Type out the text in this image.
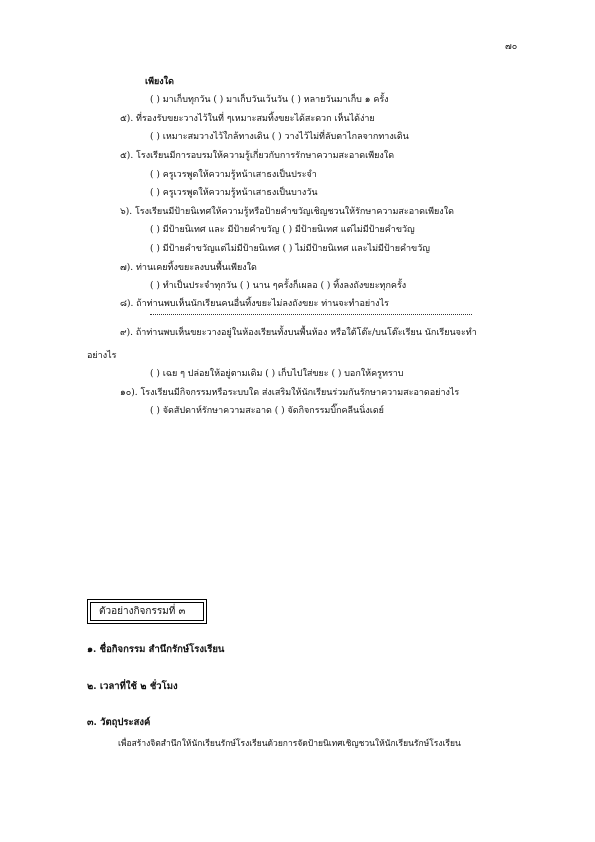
๗๐
เพียงใด
( ) มาเก็บทุกวัน ( ) มาเก็บวันเว้นวัน ( ) หลายวันมาเก็บ ๑ ครั้ง
๕). ที่รองรับขยะวางไว้ในที่ ๆเหมาะสมทิ้งขยะได้สะดวก เห็นได้ง่าย
( ) เหมาะสมวางไว้ใกล้ทางเดิน ( ) วางไว้ไม่ที่ลับตาไกลจากทางเดิน
๕). โรงเรียนมีการอบรมให้ความรู้เกี่ยวกับการรักษาความสะอาดเพียงใด
( ) ครูเวรพูดให้ความรู้หน้าเสาธงเป็นประจำ
( ) ครูเวรพูดให้ความรู้หน้าเสาธงเป็นบางวัน
๖). โรงเรียนมีป้ายนิเทศให้ความรู้หรือป้ายคำขวัญเชิญชวนให้รักษาความสะอาดเพียงใด
( ) มีป้ายนิเทศ และ มีป้ายคำขวัญ ( ) มีป้ายนิเทศ แต่ไม่มีป้ายคำขวัญ
( ) มีป้ายคำขวัญแต่ไม่มีป้ายนิเทศ ( ) ไม่มีป้ายนิเทศ และไม่มีป้ายคำขวัญ
๗). ท่านเคยทิ้งขยะลงบนพื้นเพียงใด
( ) ทำเป็นประจำทุกวัน ( ) นาน ๆครั้งก็เผลอ ( ) ทิ้งลงถังขยะทุกครั้ง
๘). ถ้าท่านพบเห็นนักเรียนคนอื่นทิ้งขยะไม่ลงถังขยะ ท่านจะทำอย่างไร
๙). ถ้าท่านพบเห็นขยะวางอยู่ในห้องเรียนทั้งบนพื้นห้อง หรือใต้โต๊ะ/บนโต๊ะเรียน นักเรียนจะทำ
อย่างไร
( ) เฉย ๆ ปล่อยให้อยู่ตามเดิม ( ) เก็บไปใส่ขยะ ( ) บอกให้ครูทราบ
๑๐). โรงเรียนมีกิจกรรมหรือระบบใด ส่งเสริมให้นักเรียนร่วมกันรักษาความสะอาดอย่างไร
( ) จัดสัปดาห์รักษาความสะอาด ( ) จัดกิจกรรมบิ๊กคลีนนิ่งเดย์
๑. ชื่อกิจกรรม สำนึกรักษ์โรงเรียน
๒. เวลาที่ใช้ ๒ ชั่วโมง
๓. วัตถุประสงค์
เพื่อสร้างจิตสำนึกให้นักเรียนรักษ์โรงเรียนด้วยการจัดป้ายนิเทศเชิญชวนให้นักเรียนรักษ์โรงเรียน
ตัวอย่างกิจกรรมที่ ๓
